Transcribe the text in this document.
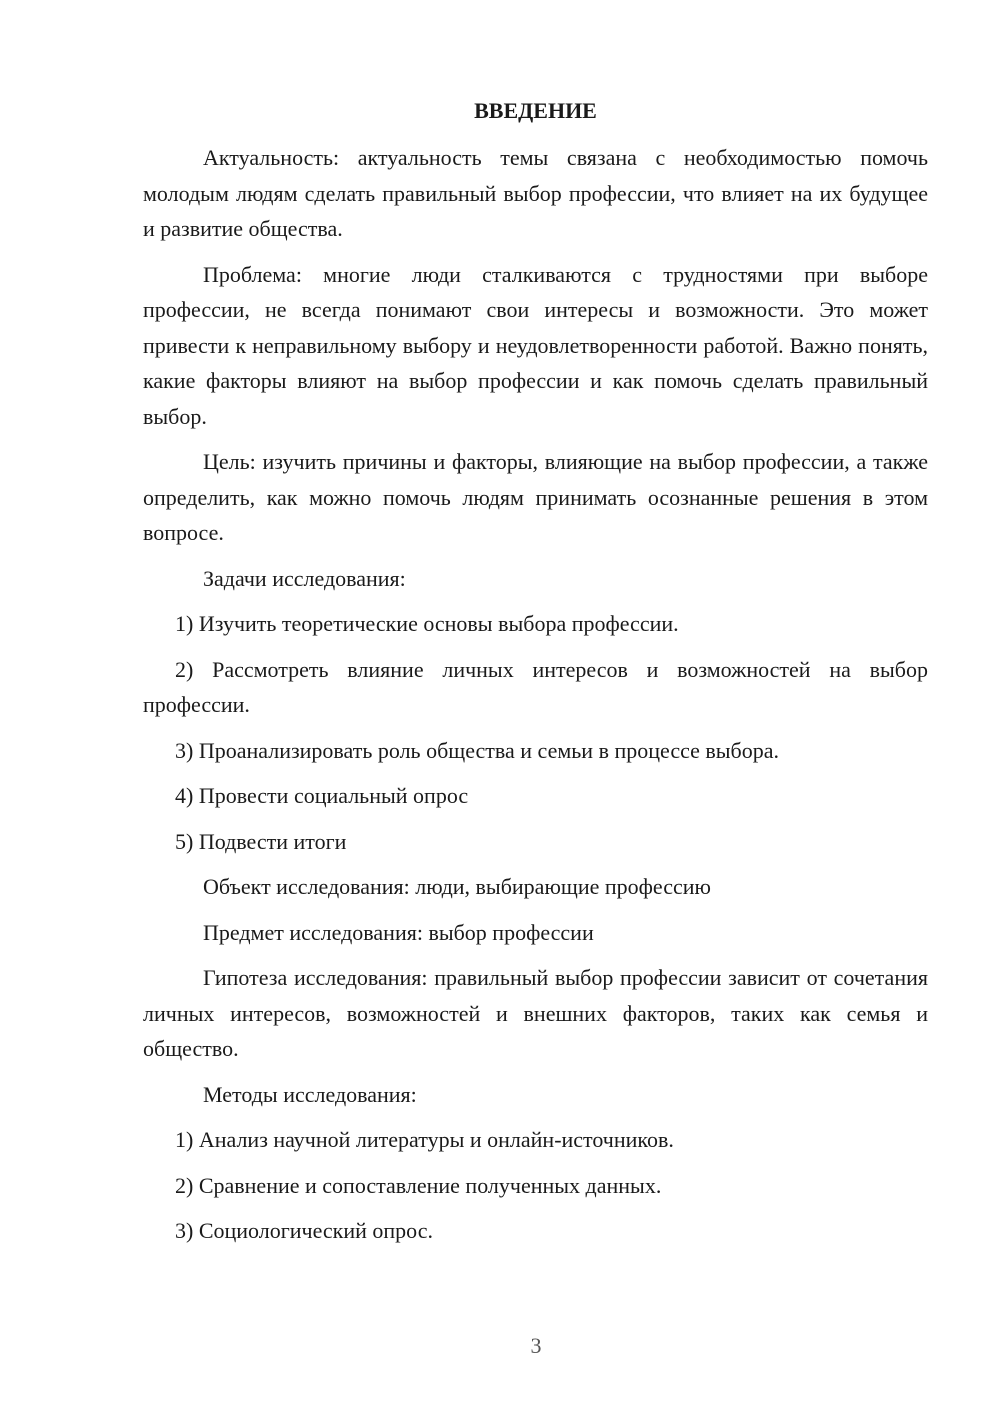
ВВЕДЕНИЕ

Актуальность: актуальность темы связана с необходимостью помочь молодым людям сделать правильный выбор профессии, что влияет на их будущее и развитие общества.

Проблема: многие люди сталкиваются с трудностями при выборе профессии, не всегда понимают свои интересы и возможности. Это может привести к неправильному выбору и неудовлетворенности работой. Важно понять, какие факторы влияют на выбор профессии и как помочь сделать правильный выбор.

Цель: изучить причины и факторы, влияющие на выбор профессии, а также определить, как можно помочь людям принимать осознанные решения в этом вопросе.

Задачи исследования:

1) Изучить теоретические основы выбора профессии.

2) Рассмотреть влияние личных интересов и возможностей на выбор профессии.

3) Проанализировать роль общества и семьи в процессе выбора.

4) Провести социальный опрос

5) Подвести итоги

Объект исследования: люди, выбирающие профессию

Предмет исследования: выбор профессии

Гипотеза исследования: правильный выбор профессии зависит от сочетания личных интересов, возможностей и внешних факторов, таких как семья и общество.

Методы исследования:

1) Анализ научной литературы и онлайн-источников.

2) Сравнение и сопоставление полученных данных.

3) Социологический опрос.

3
